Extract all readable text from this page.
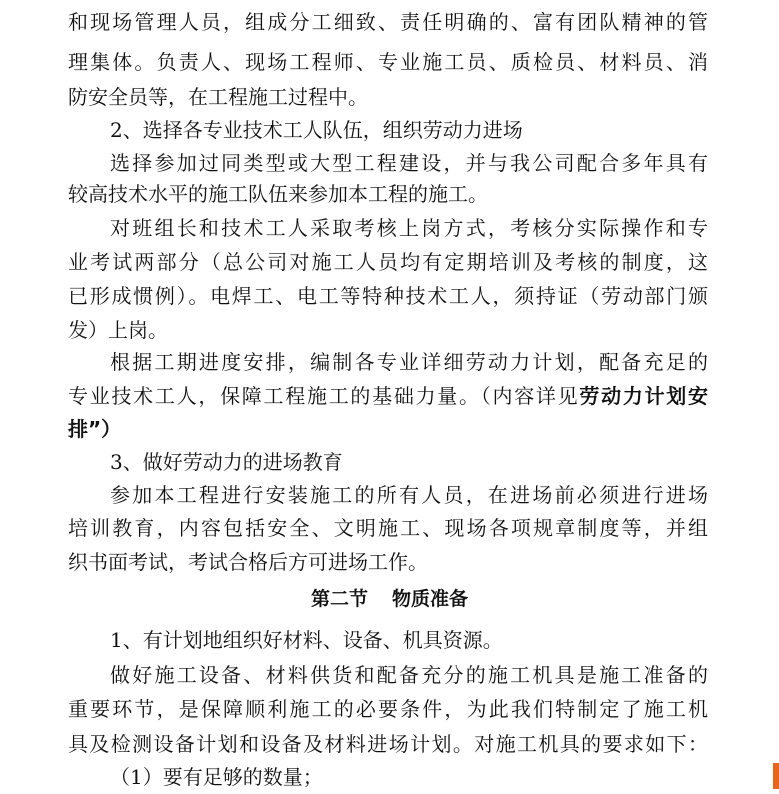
和现场管理人员，组成分工细致、责任明确的、富有团队精神的管

理集体。负责人、现场工程师、专业施工员、质检员、材料员、消

防安全员等，在工程施工过程中。

2、选择各专业技术工人队伍，组织劳动力进场

选择参加过同类型或大型工程建设，并与我公司配合多年具有

较高技术水平的施工队伍来参加本工程的施工。

对班组长和技术工人采取考核上岗方式，考核分实际操作和专

业考试两部分（总公司对施工人员均有定期培训及考核的制度，这

已形成惯例）。电焊工、电工等特种技术工人，须持证（劳动部门颁

发）上岗。

根据工期进度安排，编制各专业详细劳动力计划，配备充足的

专业技术工人，保障工程施工的基础力量。（内容详见劳动力计划安

排”）

3、做好劳动力的进场教育

参加本工程进行安装施工的所有人员，在进场前必须进行进场

培训教育，内容包括安全、文明施工、现场各项规章制度等，并组

织书面考试，考试合格后方可进场工作。

第二节 物质准备

1、有计划地组织好材料、设备、机具资源。

做好施工设备、材料供货和配备充分的施工机具是施工准备的

重要环节，是保障顺利施工的必要条件，为此我们特制定了施工机

具及检测设备计划和设备及材料进场计划。对施工机具的要求如下：

（1）要有足够的数量；
